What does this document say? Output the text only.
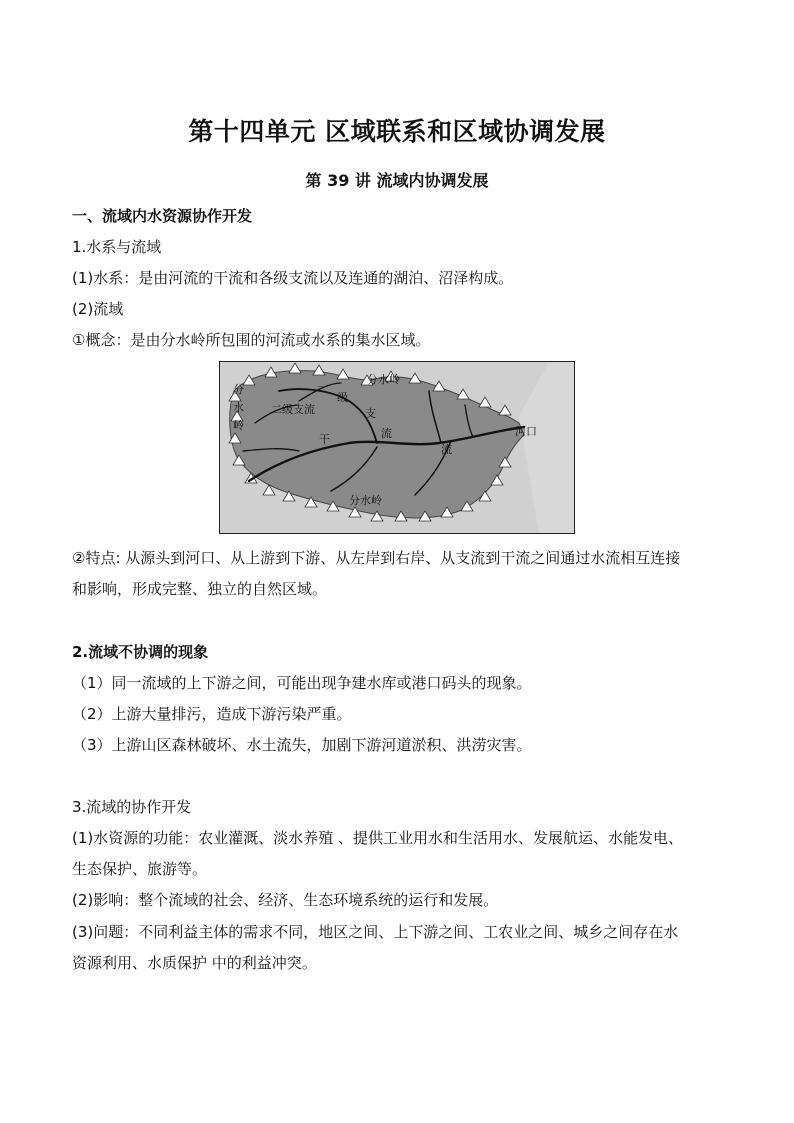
第十四单元 区域联系和区域协调发展
第 39 讲 流域内协调发展
一、流域内水资源协作开发
1.水系与流域
(1)水系：是由河流的干流和各级支流以及连通的湖泊、沼泽构成。
(2)流域
①概念：是由分水岭所包围的河流或水系的集水区域。
分
水
岭
分水岭
分水岭
一
级
支
流
二级支流
干
流
河口
②特点: 从源头到河口、从上游到下游、从左岸到右岸、从支流到干流之间通过水流相互连接
和影响，形成完整、独立的自然区域。
2.流域不协调的现象
（1）同一流域的上下游之间，可能出现争建水库或港口码头的现象。
（2）上游大量排污，造成下游污染严重。
（3）上游山区森林破坏、水土流失，加剧下游河道淤积、洪涝灾害。
3.流域的协作开发
(1)水资源的功能：农业灌溉、淡水养殖 、提供工业用水和生活用水、发展航运、水能发电、
生态保护、旅游等。
(2)影响：整个流域的社会、经济、生态环境系统的运行和发展。
(3)问题：不同利益主体的需求不同，地区之间、上下游之间、工农业之间、城乡之间存在水
资源利用、水质保护 中的利益冲突。
